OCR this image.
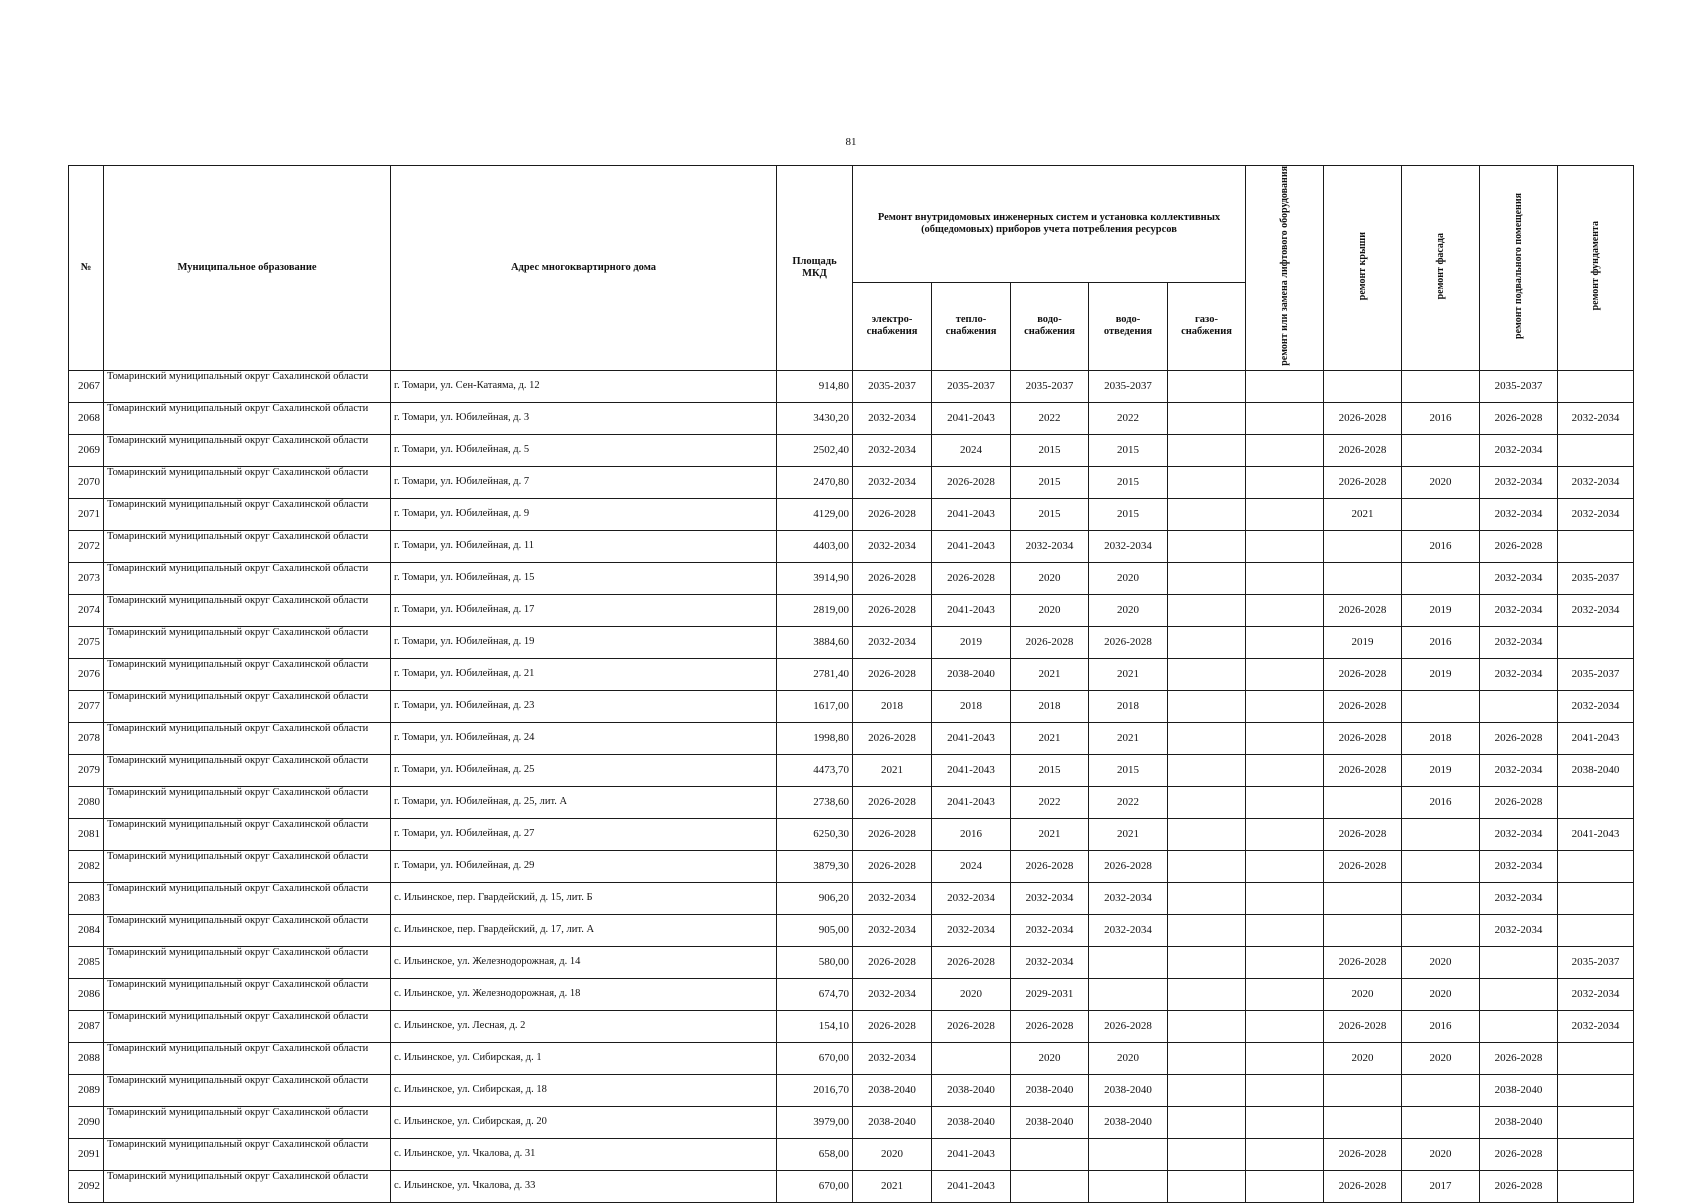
81
№	Муниципальное образование	Адрес многоквартирного дома	Площадь МКД	Ремонт внутридомовых инженерных систем и установка коллективных (общедомовых) приборов учета потребления ресурсов					ремонт или замена лифтового оборудования	ремонт крыши	ремонт фасада	ремонт подвального помещения	ремонт фундамента
				электро-снабжения	тепло-снабжения	водо-снабжения	водо-отведения	газо-снабжения					
2067	Томаринский муниципальный округ Сахалинской области	г. Томари, ул. Сен-Катаяма, д. 12	914,80	2035-2037	2035-2037	2035-2037	2035-2037					2035-2037	
2068	Томаринский муниципальный округ Сахалинской области	г. Томари, ул. Юбилейная, д. 3	3430,20	2032-2034	2041-2043	2022	2022			2026-2028	2016	2026-2028	2032-2034
2069	Томаринский муниципальный округ Сахалинской области	г. Томари, ул. Юбилейная, д. 5	2502,40	2032-2034	2024	2015	2015			2026-2028		2032-2034	
2070	Томаринский муниципальный округ Сахалинской области	г. Томари, ул. Юбилейная, д. 7	2470,80	2032-2034	2026-2028	2015	2015			2026-2028	2020	2032-2034	2032-2034
2071	Томаринский муниципальный округ Сахалинской области	г. Томари, ул. Юбилейная, д. 9	4129,00	2026-2028	2041-2043	2015	2015			2021		2032-2034	2032-2034
2072	Томаринский муниципальный округ Сахалинской области	г. Томари, ул. Юбилейная, д. 11	4403,00	2032-2034	2041-2043	2032-2034	2032-2034				2016	2026-2028	
2073	Томаринский муниципальный округ Сахалинской области	г. Томари, ул. Юбилейная, д. 15	3914,90	2026-2028	2026-2028	2020	2020					2032-2034	2035-2037
2074	Томаринский муниципальный округ Сахалинской области	г. Томари, ул. Юбилейная, д. 17	2819,00	2026-2028	2041-2043	2020	2020			2026-2028	2019	2032-2034	2032-2034
2075	Томаринский муниципальный округ Сахалинской области	г. Томари, ул. Юбилейная, д. 19	3884,60	2032-2034	2019	2026-2028	2026-2028			2019	2016	2032-2034	
2076	Томаринский муниципальный округ Сахалинской области	г. Томари, ул. Юбилейная, д. 21	2781,40	2026-2028	2038-2040	2021	2021			2026-2028	2019	2032-2034	2035-2037
2077	Томаринский муниципальный округ Сахалинской области	г. Томари, ул. Юбилейная, д. 23	1617,00	2018	2018	2018	2018			2026-2028			2032-2034
2078	Томаринский муниципальный округ Сахалинской области	г. Томари, ул. Юбилейная, д. 24	1998,80	2026-2028	2041-2043	2021	2021			2026-2028	2018	2026-2028	2041-2043
2079	Томаринский муниципальный округ Сахалинской области	г. Томари, ул. Юбилейная, д. 25	4473,70	2021	2041-2043	2015	2015			2026-2028	2019	2032-2034	2038-2040
2080	Томаринский муниципальный округ Сахалинской области	г. Томари, ул. Юбилейная, д. 25, лит. А	2738,60	2026-2028	2041-2043	2022	2022				2016	2026-2028	
2081	Томаринский муниципальный округ Сахалинской области	г. Томари, ул. Юбилейная, д. 27	6250,30	2026-2028	2016	2021	2021			2026-2028		2032-2034	2041-2043
2082	Томаринский муниципальный округ Сахалинской области	г. Томари, ул. Юбилейная, д. 29	3879,30	2026-2028	2024	2026-2028	2026-2028			2026-2028		2032-2034	
2083	Томаринский муниципальный округ Сахалинской области	с. Ильинское, пер. Гвардейский, д. 15, лит. Б	906,20	2032-2034	2032-2034	2032-2034	2032-2034					2032-2034	
2084	Томаринский муниципальный округ Сахалинской области	с. Ильинское, пер. Гвардейский, д. 17, лит. А	905,00	2032-2034	2032-2034	2032-2034	2032-2034					2032-2034	
2085	Томаринский муниципальный округ Сахалинской области	с. Ильинское, ул. Железнодорожная, д. 14	580,00	2026-2028	2026-2028	2032-2034				2026-2028	2020		2035-2037
2086	Томаринский муниципальный округ Сахалинской области	с. Ильинское, ул. Железнодорожная, д. 18	674,70	2032-2034	2020	2029-2031				2020	2020		2032-2034
2087	Томаринский муниципальный округ Сахалинской области	с. Ильинское, ул. Лесная, д. 2	154,10	2026-2028	2026-2028	2026-2028	2026-2028			2026-2028	2016		2032-2034
2088	Томаринский муниципальный округ Сахалинской области	с. Ильинское, ул. Сибирская, д. 1	670,00	2032-2034		2020	2020			2020	2020	2026-2028	
2089	Томаринский муниципальный округ Сахалинской области	с. Ильинское, ул. Сибирская, д. 18	2016,70	2038-2040	2038-2040	2038-2040	2038-2040					2038-2040	
2090	Томаринский муниципальный округ Сахалинской области	с. Ильинское, ул. Сибирская, д. 20	3979,00	2038-2040	2038-2040	2038-2040	2038-2040					2038-2040	
2091	Томаринский муниципальный округ Сахалинской области	с. Ильинское, ул. Чкалова, д. 31	658,00	2020	2041-2043					2026-2028	2020	2026-2028	
2092	Томаринский муниципальный округ Сахалинской области	с. Ильинское, ул. Чкалова, д. 33	670,00	2021	2041-2043					2026-2028	2017	2026-2028	
